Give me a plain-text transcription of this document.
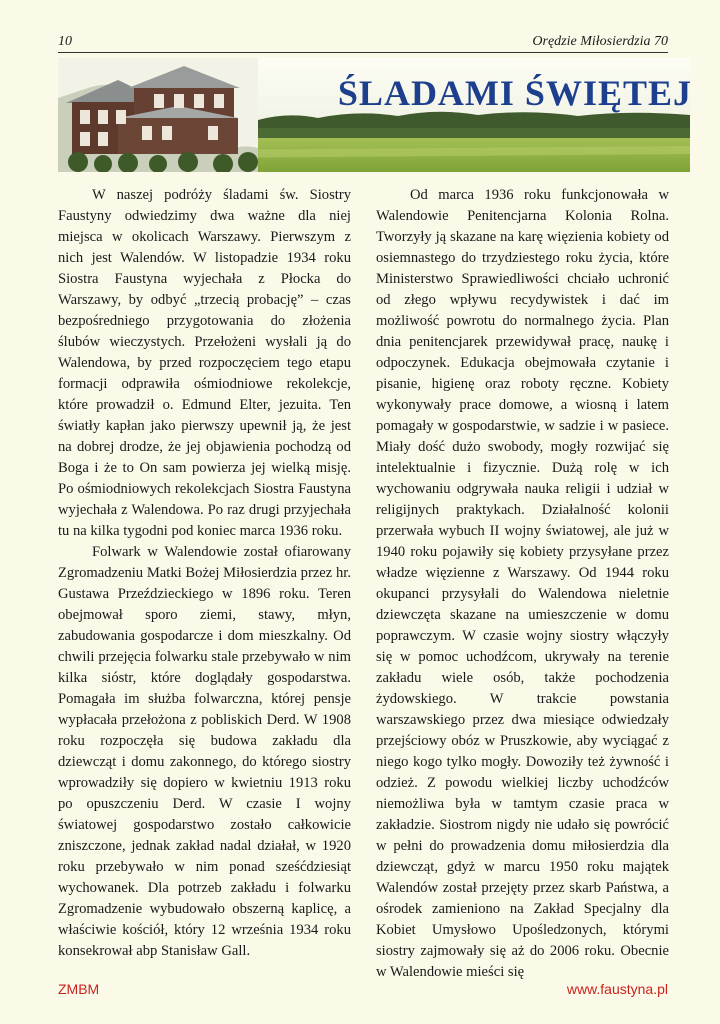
10	Orędzie Miłosierdzia 70
ŚLADAMI ŚWIĘTEJ

W naszej podróży śladami św. Siostry Faustyny odwiedzimy dwa ważne dla niej miejsca w okolicach Warszawy. Pierwszym z nich jest Walendów. W listopadzie 1934 roku Siostra Faustyna wyjechała z Płocka do Warszawy, by odbyć „trzecią probację” – czas bezpośredniego przygotowania do złożenia ślubów wieczystych. Przełożeni wysłali ją do Walendowa, by przed rozpoczęciem tego etapu formacji odprawiła ośmiodniowe rekolekcje, które prowadził o. Edmund Elter, jezuita. Ten światły kapłan jako pierwszy upewnił ją, że jest na dobrej drodze, że jej objawienia pochodzą od Boga i że to On sam powierza jej wielką misję. Po ośmiodniowych rekolekcjach Siostra Faustyna wyjechała z Walendowa. Po raz drugi przyjechała tu na kilka tygodni pod koniec marca 1936 roku.

Folwark w Walendowie został ofiarowany Zgromadzeniu Matki Bożej Miłosierdzia przez hr. Gustawa Przeździeckiego w 1896 roku. Teren obejmował sporo ziemi, stawy, młyn, zabudowania gospodarcze i dom mieszkalny. Od chwili przejęcia folwarku stale przebywało w nim kilka sióstr, które doglądały gospodarstwa. Pomagała im służba folwarczna, której pensje wypłacała przełożona z pobliskich Derd. W 1908 roku rozpoczęła się budowa zakładu dla dziewcząt i domu zakonnego, do którego siostry wprowadziły się dopiero w kwietniu 1913 roku po opuszczeniu Derd. W czasie I wojny światowej gospodarstwo zostało całkowicie zniszczone, jednak zakład nadal działał, w 1920 roku przebywało w nim ponad sześćdziesiąt wychowanek. Dla potrzeb zakładu i folwarku Zgromadzenie wybudowało obszerną kaplicę, a właściwie kościół, który 12 września 1934 roku konsekrował abp Stanisław Gall.

Od marca 1936 roku funkcjonowała w Walendowie Penitencjarna Kolonia Rolna. Tworzyły ją skazane na karę więzienia kobiety od osiemnastego do trzydziestego roku życia, które Ministerstwo Sprawiedliwości chciało uchronić od złego wpływu recydywistek i dać im możliwość powrotu do normalnego życia. Plan dnia penitencjarek przewidywał pracę, naukę i odpoczynek. Edukacja obejmowała czytanie i pisanie, higienę oraz roboty ręczne. Kobiety wykonywały prace domowe, a wiosną i latem pomagały w gospodarstwie, w sadzie i w pasiece. Miały dość dużo swobody, mogły rozwijać się intelektualnie i fizycznie. Dużą rolę w ich wychowaniu odgrywała nauka religii i udział w religijnych praktykach. Działalność kolonii przerwała wybuch II wojny światowej, ale już w 1940 roku pojawiły się kobiety przysyłane przez władze więzienne z Warszawy. Od 1944 roku okupanci przysyłali do Walendowa nieletnie dziewczęta skazane na umieszczenie w domu poprawczym. W czasie wojny siostry włączyły się w pomoc uchodźcom, ukrywały na terenie zakładu wiele osób, także pochodzenia żydowskiego. W trakcie powstania warszawskiego przez dwa miesiące odwiedzały przejściowy obóz w Pruszkowie, aby wyciągać z niego kogo tylko mogły. Dowoziły też żywność i odzież. Z powodu wielkiej liczby uchodźców niemożliwa była w tamtym czasie praca w zakładzie. Siostrom nigdy nie udało się powrócić w pełni do prowadzenia domu miłosierdzia dla dziewcząt, gdyż w marcu 1950 roku majątek Walendów został przejęty przez skarb Państwa, a ośrodek zamieniono na Zakład Specjalny dla Kobiet Umysłowo Upośledzonych, którymi siostry zajmowały się aż do 2006 roku. Obecnie w Walendowie mieści się

ZMBM	www.faustyna.pl
